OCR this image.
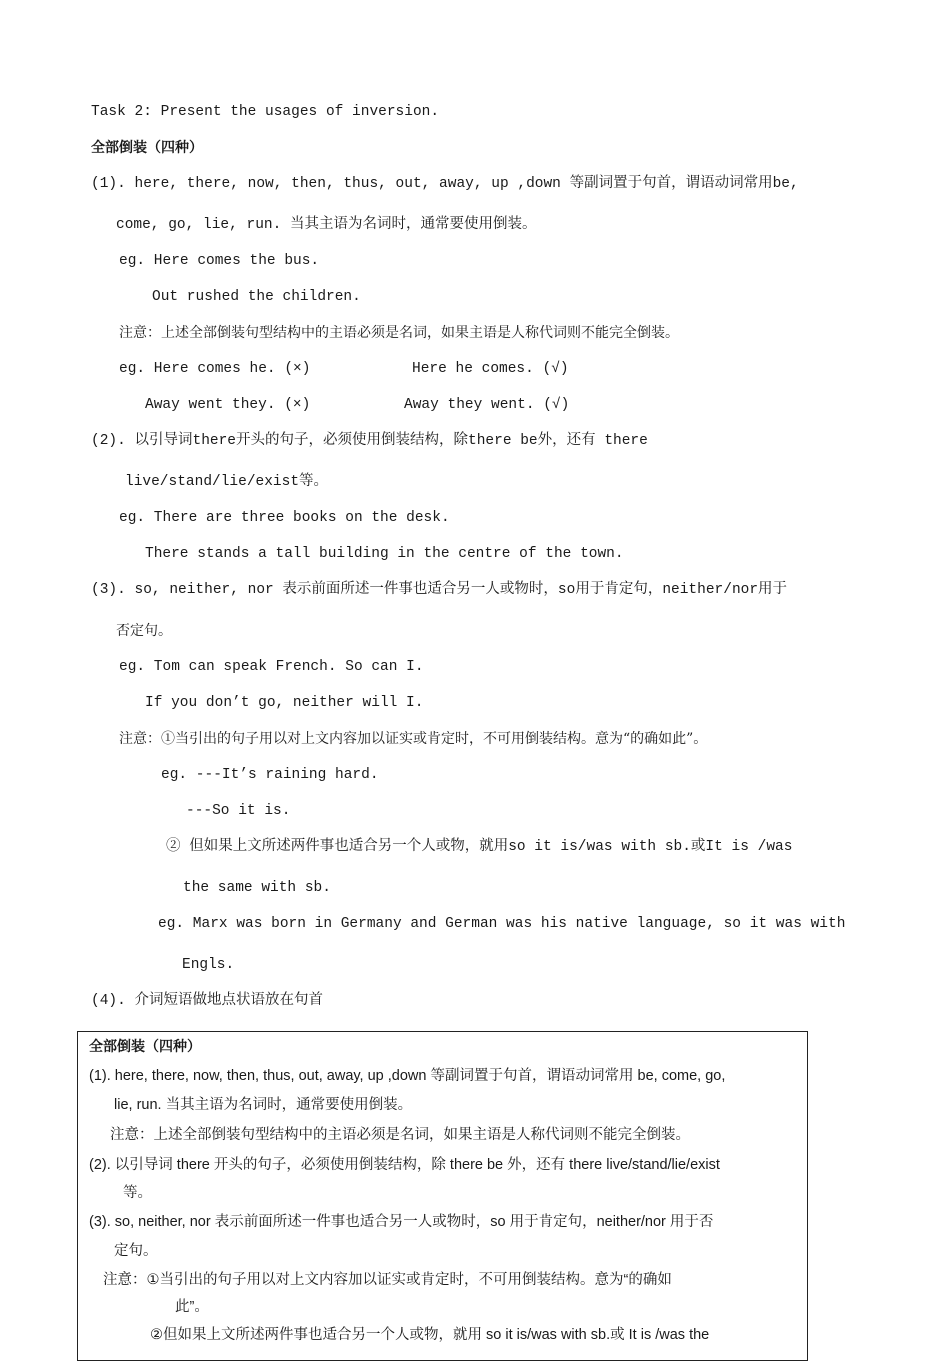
Task 2: Present the usages of inversion.
全部倒装（四种）
(1). here, there, now, then, thus, out, away, up ,down 等副词置于句首，谓语动词常用be,
come, go, lie, run. 当其主语为名词时，通常要使用倒装。
eg. Here comes the bus.
Out rushed the children.
注意：上述全部倒装句型结构中的主语必须是名词，如果主语是人称代词则不能完全倒装。
eg. Here comes he. (×)	Here he comes. (√)
Away went they. (×)	Away they went. (√)
(2). 以引导词there开头的句子，必须使用倒装结构，除there be外，还有 there
live/stand/lie/exist等。
eg. There are three books on the desk.
There stands a tall building in the centre of the town.
(3). so, neither, nor 表示前面所述一件事也适合另一人或物时，so用于肯定句，neither/nor用于
否定句。
eg. Tom can speak French. So can I.
If you don’t go, neither will I.
注意：①当引出的句子用以对上文内容加以证实或肯定时，不可用倒装结构。意为“的确如此”。
eg. ---It’s raining hard.
---So it is.
② 但如果上文所述两件事也适合另一个人或物，就用so it is/was with sb.或It is /was
the same with sb.
eg. Marx was born in Germany and German was his native language, so it was with
Engls.
(4). 介词短语做地点状语放在句首
全部倒装（四种）
(1). here, there, now, then, thus, out, away, up ,down 等副词置于句首，谓语动词常用 be, come, go,
lie, run. 当其主语为名词时，通常要使用倒装。
注意：上述全部倒装句型结构中的主语必须是名词，如果主语是人称代词则不能完全倒装。
(2). 以引导词 there 开头的句子，必须使用倒装结构，除 there be 外，还有 there live/stand/lie/exist
等。
(3). so, neither, nor 表示前面所述一件事也适合另一人或物时，so 用于肯定句，neither/nor 用于否
定句。
注意：①当引出的句子用以对上文内容加以证实或肯定时，不可用倒装结构。意为“的确如
此”。
②但如果上文所述两件事也适合另一个人或物，就用 so it is/was with sb.或 It is /was the
